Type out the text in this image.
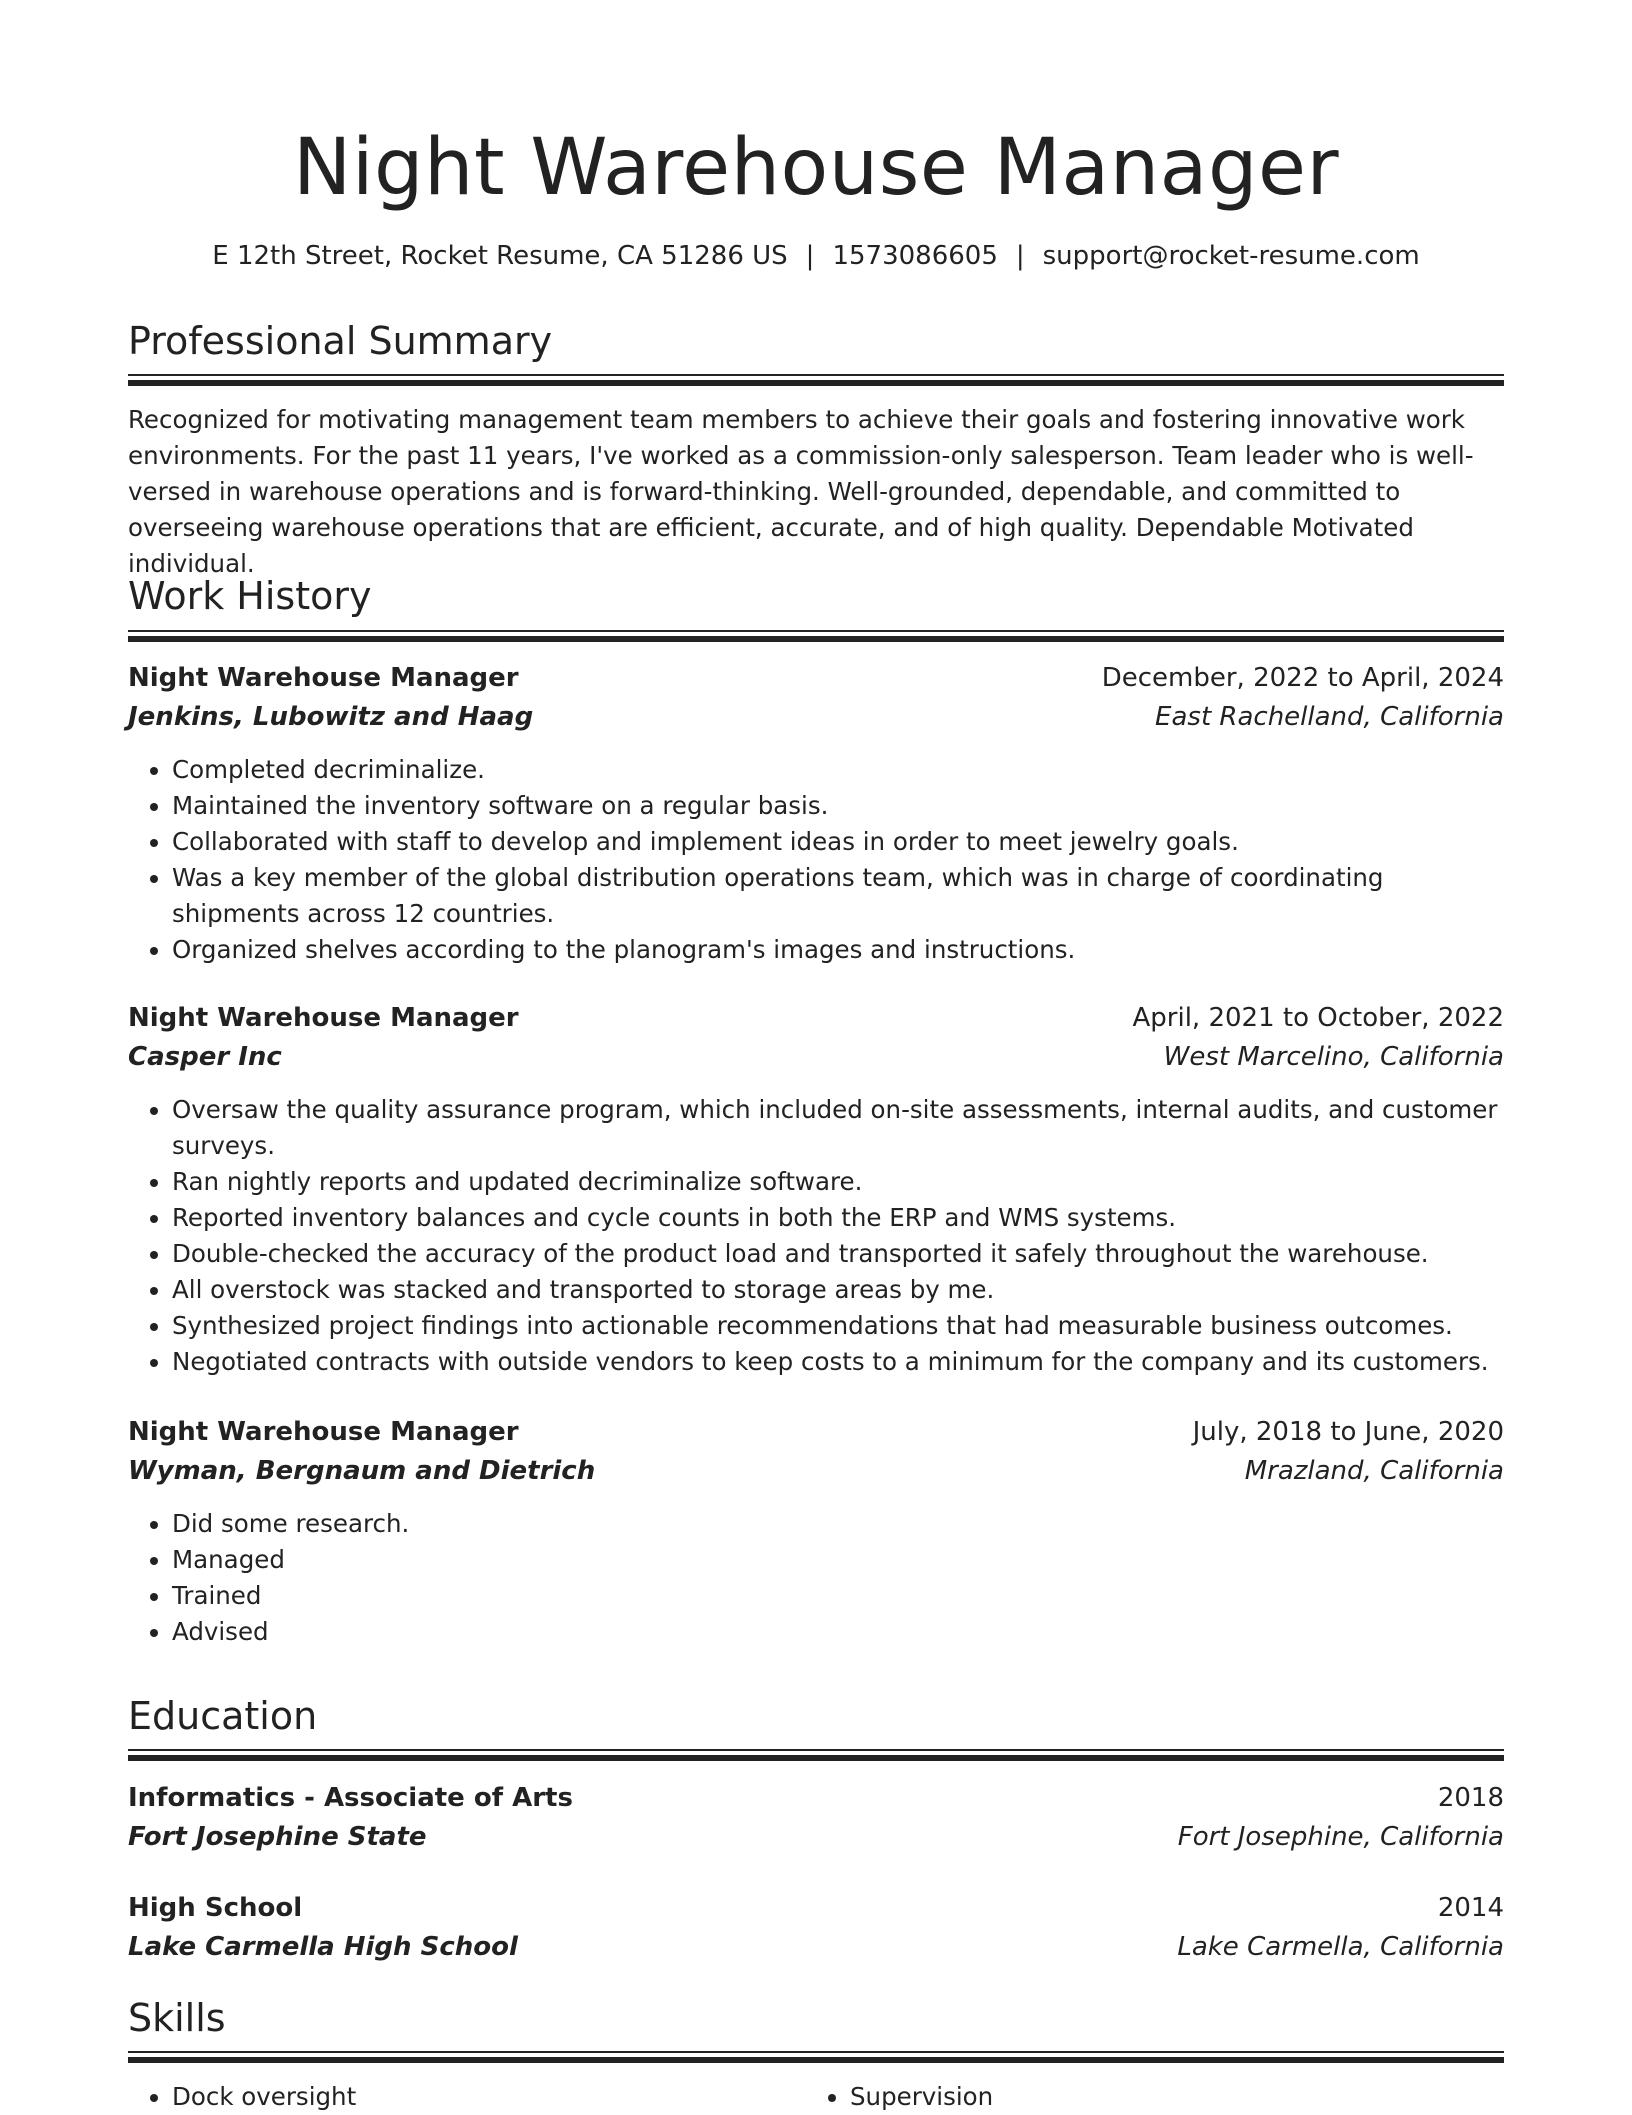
Night Warehouse Manager
E 12th Street, Rocket Resume, CA 51286 US | 1573086605 | support@rocket-resume.com
Professional Summary
Recognized for motivating management team members to achieve their goals and fostering innovative work environments. For the past 11 years, I've worked as a commission-only salesperson. Team leader who is well-versed in warehouse operations and is forward-thinking. Well-grounded, dependable, and committed to overseeing warehouse operations that are efficient, accurate, and of high quality. Dependable Motivated individual.
Work History
Night Warehouse Manager	December, 2022 to April, 2024
Jenkins, Lubowitz and Haag	East Rachelland, California
• Completed decriminalize.
• Maintained the inventory software on a regular basis.
• Collaborated with staff to develop and implement ideas in order to meet jewelry goals.
• Was a key member of the global distribution operations team, which was in charge of coordinating shipments across 12 countries.
• Organized shelves according to the planogram's images and instructions.
Night Warehouse Manager	April, 2021 to October, 2022
Casper Inc	West Marcelino, California
• Oversaw the quality assurance program, which included on-site assessments, internal audits, and customer surveys.
• Ran nightly reports and updated decriminalize software.
• Reported inventory balances and cycle counts in both the ERP and WMS systems.
• Double-checked the accuracy of the product load and transported it safely throughout the warehouse.
• All overstock was stacked and transported to storage areas by me.
• Synthesized project findings into actionable recommendations that had measurable business outcomes.
• Negotiated contracts with outside vendors to keep costs to a minimum for the company and its customers.
Night Warehouse Manager	July, 2018 to June, 2020
Wyman, Bergnaum and Dietrich	Mrazland, California
• Did some research.
• Managed
• Trained
• Advised
Education
Informatics - Associate of Arts	2018
Fort Josephine State	Fort Josephine, California
High School	2014
Lake Carmella High School	Lake Carmella, California
Skills
• Dock oversight
•	Supervision
